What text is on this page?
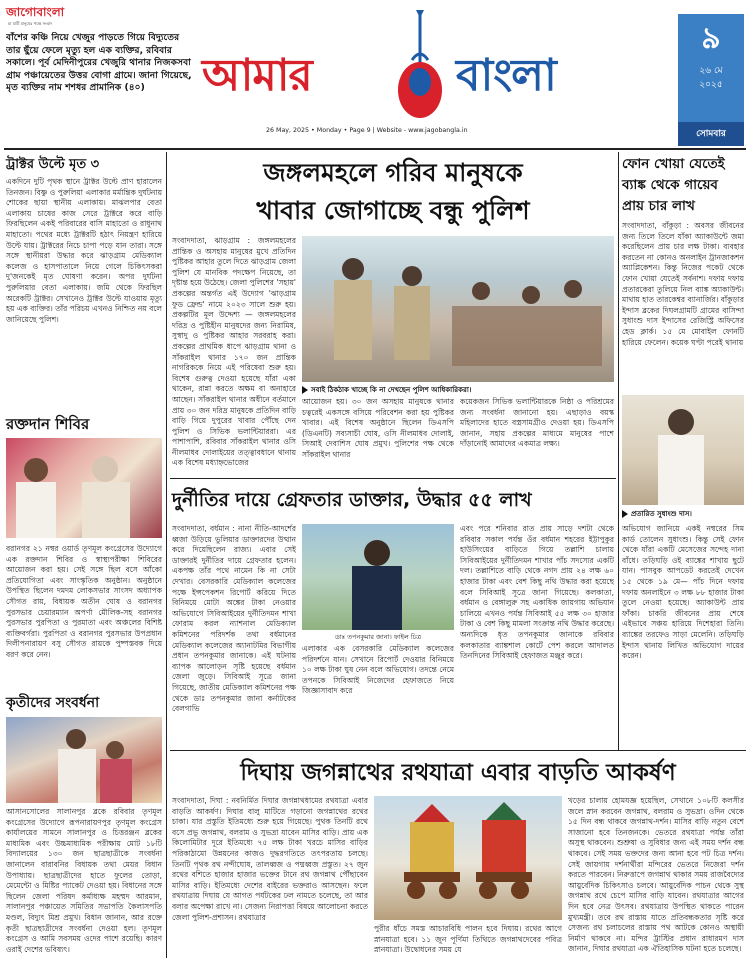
জাগোবাংলা
মা মাটি মানুষের পক্ষে সংবাদ
বাঁশের কঞ্চি নিয়ে খেজুর পাড়তে গিয়ে বিদ্যুতের তার ছুঁয়ে ফেলে মৃত্যু হল এক ব্যক্তির, রবিবার সকালে। পূর্ব মেদিনীপুরের খেজুরি থানার নিজকসবা গ্রাম পঞ্চায়েতের উত্তর বোগা গ্রামে। জানা গিয়েছে, মৃত ব্যক্তির নাম শশধর প্রামানিক (৪০)	আমার	বাংলা
26 May, 2025 • Monday • Page 9 | Website - www.jagobangla.in
৯
২৬ মে
২০২৫
সোমবার
ট্রাক্টর উল্টে মৃত ৩
একদিনে দুটি পৃথক স্থানে ট্রাক্টর উল্টে প্রাণ হারালেন তিনজন। বিষ্ণু ও পুরুলিয়া এলাকার মর্মান্তিক দুর্ঘটনায় শোকের ছায়া স্থানীয় এলাকায়। মাঝলপার বেতা এলাকায় চাষের কাজ সেরে ট্রাক্টরে করে বাড়ি ফিরছিলেন একই পরিবারের বাসি মাহাতো ও রাধুনাথ মাহাতো। পথের মধ্যে ট্রাক্টরটি হঠাৎ নিয়ন্ত্রণ হারিয়ে উল্টে যায়। ট্রাক্টরের নিচে চাপা পড়ে যান তারা। সঙ্গে সঙ্গে স্থানীয়রা উদ্ধার করে ঝাড়গ্রাম মেডিক্যাল কলেজ ও হাসপাতালে নিয়ে গেলে চিকিৎসকরা দু'জনকেই মৃত ঘোষণা করেন। অপর দুর্ঘটনা পুরুলিয়ার বেতা এলাকায়। জমি থেকে ফিরছিল অরেকটি ট্রাক্টর। সেখানেও ট্রাক্টর উল্টে যাওয়ায় মৃত্যু হয় এক ব্যক্তির। তাঁর পরিচয় এখনও নিশ্চিত নয় বলে জানিয়েছে পুলিশ।
রক্তদান শিবির
বরানগর ২১ নম্বর ওয়ার্ড তৃণমূল কংগ্রেসের উদ্যোগে এক রক্তদান শিবির ও স্বাস্থ্যপরীক্ষা শিবিরের আয়োজন করা হয়। সেই সঙ্গে ছিল বসে আঁকো প্রতিযোগিতা এবং সাংস্কৃতিক অনুষ্ঠান। অনুষ্ঠানে উপস্থিত ছিলেন দমদম লোকসভার সাংসদ অধ্যাপক সৌগত রায়, বিধায়ক অতীন ঘোষ ও বরানগর পুরসভার চেয়ারম্যান অপর্ণা মৌলিক-সহ বরানগর পুরসভার পুরপিতা ও পুরমাতা এবং অঞ্চলের বিশিষ্ট ব্যক্তিবর্গরা। পুরপিতা ও বরানগর পুরসভার উপপ্রধান দিলীপনারায়ণ বসু সৌগত রায়কে পুষ্পস্তবক দিয়ে বরণ করে নেন।
কৃতীদের সংবর্ধনা
আসানসোলের সালানপুর ব্লকে রবিবার তৃণমূল কংগ্রেসের উদ্যোগে রূপনারায়ণপুর তৃণমূল কংগ্রেস কার্যালয়ের সামনে সালানপুর ও চিত্তরঞ্জন ব্লকের মাধ্যমিক এবং উচ্চমাধ্যমিক পরীক্ষায় মোট ১৮টি বিদ্যালয়ের ১৩০ জন ছাত্রছাত্রীকে সংবর্ধনা জানালেন বারাবনির বিধায়ক তথা মেয়র বিধান উপাধ্যায়। ছাত্রছাত্রীদের হাতে ফুলের তোড়া, মেমেন্টো ও মিষ্টির প্যাকেট দেওয়া হয়। বিধানের সঙ্গে ছিলেন জেলা পরিষদ কর্মাধ্যক্ষ মহম্মদ আরমান, সালানপুর পঞ্চায়েত সমিতির সভাপতি কৈলাসপতি মণ্ডল, বিদ্যুৎ মিশ্র প্রমুখ। বিধান জানান, আর রক্তে কৃতী ছাত্রছাত্রীদের সংবর্ধনা দেওয়া হল। তৃণমূল কংগ্রেস ও আমি সবসময় ওদের পাশে রয়েছি। কারণ ওরাই দেশের ভবিষ্যৎ।
জঙ্গলমহলে গরিব মানুষকে
খাবার জোগাচ্ছে বন্ধু পুলিশ
সংবাদদাতা, ঝাড়গ্রাম : জঙ্গলমহলের প্রান্তিক ও অসহায় মানুষের মুখে প্রতিদিন পুষ্টিকর আহার তুলে দিতে ঝাড়গ্রাম জেলা পুলিশ যে মানবিক পদক্ষেপ নিয়েছে, তা দৃষ্টান্ত হয়ে উঠেছে। জেলা পুলিশের 'সহায়' প্রকল্পের অন্তর্গত এই উদ্যোগ 'ঝাড়গ্রাম ফুড ফ্রেন্ড' নামে ২০২৩ সালে শুরু হয়। প্রকল্পটির মূল উদ্দেশ্য — জঙ্গলমহলের দরিদ্র ও পুষ্টিহীন মানুষদের জন্য নিরামিষ, সুস্বাদু ও পুষ্টিকর আহার সরবরাহ করা। প্রকল্পের প্রাথমিক ধাপে ঝাড়গ্রাম থানা ও সাঁকরাইল থানার ১৭০ জন প্রান্তিক নাগরিককে নিয়ে এই পরিষেবা শুরু হয়। বিশেষ গুরুত্ব দেওয়া হয়েছে যাঁরা একা থাকেন, রান্না করতে অক্ষম বা অনাহারে আছেন। সাঁকরাইল থানার অধীনে বর্তমানে প্রায় ৩০ জন দরিদ্র মানুষকে প্রতিদিন বাড়ি বাড়ি গিয়ে দুপুরের খাবার পৌঁছে দেন পুলিশ ও সিভিক ভলান্টিয়াররা। এর পাশাপাশি, রবিবার সাঁকরাইল থানার ওসি নীলমাধব দোলাইয়ের তত্ত্বাবধানে থানায় এক বিশেষ মধ্যাহ্নভোজের
সবাই ঠিকঠাক খাচ্ছে কি না দেখছেন পুলিশ আধিকারিকরা।
আয়োজন হয়। ৩০ জন অসহায় মানুষকে থানার চত্বরেই একসঙ্গে বসিয়ে পরিবেশন করা হয় পুষ্টিকর খাবার। এই বিশেষ অনুষ্ঠানে ছিলেন ডিএসপি (ডিএনটি) সব্যসাচী ঘোষ, ওসি নীলমাধব দোলাই, সিআই দেবাশিস ঘোষ প্রমুখ। পুলিশের পক্ষ থেকে সাঁকরাইল থানার
কয়েকজন সিভিক ভলান্টিয়ারকে নিষ্ঠা ও পরিশ্রমের জন্য সংবর্ধনা জানানো হয়। এছাড়াও বয়স্ক মহিলাদের হাতে বস্ত্রসামগ্রীও দেওয়া হয়। ডিএসপি জানান, সহায় প্রকল্পের মাধ্যমে মানুষের পাশে দাঁড়ানোই আমাদের একমাত্র লক্ষ্য।
ফোন খোয়া যেতেই ব্যাঙ্ক থেকে গায়েব প্রায় চার লাখ
সংবাদদাতা, বাঁকুড়া : অবসর জীবনের জন্য তিলে তিলে যাঁকা অ্যাকাউন্টে জমা করেছিলেন প্রায় চার লক্ষ টাকা। ব্যবহার করতেন না কোনও অনলাইন ট্রানজাকশন অ্যাপ্লিকেশন। কিন্তু নিজের পকেট থেকে ফোন খোয়া যেতেই সর্বনাশ। দফায় দফায় প্রতারকেরা তুলিয়ে নিল ব্যাঙ্ক অ্যাকাউন্ট। মাথায় হাত তারকেশ্বর ব্যানার্জির। বাঁকুড়ার ইন্দাস ব্লকের দিঘলগ্রামটি গ্রামের বাসিন্দা সুধাংশু দাস ইন্দাসের রেজিস্ট্রি অফিসের হেড ক্লার্ক। ১৫ মে মোবাইল ফোনটি হারিয়ে ফেলেন। কয়েক ঘণ্টা পরেই থানায়
প্রতারিত সুধাংশু দাস।
অভিযোগ জানিয়ে একই নম্বরের সিম কার্ড তোলেন সুধাংশু। কিন্তু সেই ফোন থেকে যাঁরা একটি মেসেজের সন্দেহ দানা বাঁধে। তড়িঘড়ি ওই ব্যাঙ্কের শাখায় ছুটে যান। পাসবুক আপডেট করতেই দেখেন ১৫ থেকে ১৯ মে— পাঁচ দিনে দফায় দফায় অনলাইনে ৩ লক্ষ ৮৮ হাজার টাকা তুলে নেওয়া হয়েছে। অ্যাকাউন্ট প্রায় ফাঁকা। চাকরি জীবনের প্রায় শেষে এইভাবে সঞ্চয় হারিয়ে দিশেহারা তিনি। ব্যাঙ্কের তরফেও সাড়া মেলেনি। তড়িঘড়ি ইন্দাস থানায় লিখিত অভিযোগ দায়ের করেন।
দুর্নীতির দায়ে গ্রেফতার ডাক্তার, উদ্ধার ৫৫ লাখ
সংবাদদাতা, বর্ধমান : নানা নীতি-আদর্শের ধ্বজা উড়িয়ে ভুলিয়ার ডাক্তারদের উত্থান করে দিয়েছিলেন রাজ্য। এবার সেই ডাক্তারই দুর্নীতির দায়ে গ্রেফতার হলেন। একপক্ষ তাঁর পথে নামেন কি না সেটা দেখার। বেসরকারি মেডিক্যাল কলেজের পক্ষে ইন্সপেকশন রিপোর্ট করিয়ে দিতে বিনিময়ে মোটা অঙ্কের টাকা নেওয়ার অভিযোগে সিবিআইয়ের দুর্নীতিদমন শাখা ফোরাম করল ন্যাশনাল মেডিক্যাল কমিশনের পরিদর্শক তথা বর্ধমানের মেডিক্যাল কলেজের অ্যানাটমির বিভাগীয় প্রধান তপনকুমার জানাকে। এই ঘটনায় ব্যাপক আলোড়ন সৃষ্টি হয়েছে বর্ধমান জেলা জুড়ে। সিবিআই সূত্রে জানা গিয়েছে, জাতীয় মেডিক্যাল কমিশনের পক্ষ থেকে ডাঃ তপনকুমার জানা কর্নাটকের বেলগাভি
ডাঃ তপনকুমার জানা। ফাইল চিত্র
এলাকার এক বেসরকারি মেডিক্যাল কলেজের পরিদর্শনে যান। সেখানে রিপোর্ট দেওয়ার বিনিময়ে ১০ লক্ষ টাকা ঘুষ নেন বলে অভিযোগ। তদন্তে নেমে তপনকে সিবিআই নিজেদের হেফাজতে নিয়ে জিজ্ঞাসাবাদ করে
এবং পরে শনিবার রাত প্রায় সাড়ে দশটা থেকে রবিবার সকাল পর্যন্ত ওঁর বর্ধমান শহরের ইট্টাপুকুর হাউসিংয়ের বাড়িতে গিয়ে তল্লাশি চালায় সিবিআইয়ের দুর্নীতিদমন শাখার পাঁচ সদস্যের একটি দল। তল্লাশিতে বাড়ি থেকে নগদ প্রায় ২৪ লক্ষ ৬০ হাজার টাকা এবং বেশ কিছু নথি উদ্ধার করা হয়েছে বলে সিবিআই সূত্রে জানা গিয়েছে। কলকাতা, বর্ধমান ও বেঙ্গালুরু সহ একাধিক জায়গায় অভিযান চালিয়ে এখনও পর্যন্ত সিবিআই ৫৫ লক্ষ ৩০ হাজার টাকা ও বেশ কিছু মামলা সংক্রান্ত নথি উদ্ধার করেছে। অন্যদিকে ধৃত তপনকুমার জানাকে রবিবার কলকাতার ব্যাঙ্কশাল কোর্টে পেশ করলে আদালত তিনদিনের সিবিআই হেফাজত মঞ্জুর করে।
দিঘায় জগন্নাথের রথযাত্রা এবার বাড়তি আকর্ষণ
সংবাদদাতা, দিঘা : নবনির্মিত দিঘার জগন্নাথধামের রথযাত্রা এবার বাড়তি আকর্ষণ। দিঘার বালু মাটিতে গড়ানো জগন্নাথের রথের চাকা। যার প্রস্তুতি ইতিমধ্যে শুরু হয়ে গিয়েছে। পুথক তিনটি রথে বসে প্রভু জগন্নাথ, বলরাম ও সুভদ্রা যাবেন মাসির বাড়ি। প্রায় এক কিলোমিটার দূরে ইতিমধ্যে ৭৫ লক্ষ টাকা খরচে মাসির বাড়ির পরিকাঠামো উন্নয়নের কাজও দুদ্ধরগতিতে তৎপরতায় চলছে। তিনটি পৃথক রথ নন্দীঘোষ, তালধ্বজ ও পদ্মধ্বজ প্রস্তুত। ২৭ জুন রথের বশিতে হাজার হাজার ভক্তের টানে রথ জগন্নাথ পৌঁছাবেন মাসির বাড়ি। ইতিমধ্যে দেশের বাইরের ভক্তরাও আসছেন। ফলে রথযাত্রায় দিঘায় যে আগত পর্যটকের ঢল নামতে চলেছে, তা আর বলার অপেক্ষা রাখে না। সেজন্য নিরাপত্তা বিষয়ে আলোচনা করতে জেলা পুলিশ-প্রশাসন। রথযাত্রার
পুরীর ধাঁচে সমস্ত আচারবিধি পালন হবে দিঘায়। রথের আগে স্নানযাত্রা হবে। ১১ জুন পূর্ণিমা তিথিতে জগন্নাথদেবের পবিত্র স্নানযাত্রা। উদ্বোধনের সময় যে
খড়ের চালায় হোমযজ্ঞ হয়েছিল, সেখানে ১০৮টি কলসীর জলে স্নান করবেন জগন্নাথ, বলরাম ও সুভদ্রা। ওদিন থেকে ১৫ দিন বন্ধ থাকবে জগন্নাথ-দর্শন। মাসির বাড়ি নতুন বেশে সাজানো হবে তিনজনকে। ভেতরে রথযাত্রা পর্যন্ত তাঁরা অসুস্থ থাকবেন। শুশ্রুষা ও সুবিধার জন্য এই সময় দর্শন বন্ধ থাকবে। সেই সময় ভক্তদের জন্য আনা হবে পট চিত্র দর্শন। সেই জায়গায় দর্শনার্থীরা মন্দিরের ভেতরে নিজেরা দর্শন করতে পারবেন। নিরুত্তাপে জগন্নাথ থাকার সময় রাজবৈদ্যের আয়ুর্বেদিক চিকিৎসাও চলবে। আয়ুর্বেদিক পাচন থেকে সুস্থ জগন্নাথ রথে চেপে মাসির বাড়ি যাবেন। রথযাত্রার আগের দিন হবে নেত্র উৎসব। রথযাত্রায় উপস্থিত থাকতে পারেন মুখ্যমন্ত্রী। তবে রথ রাস্তায় যাতে প্রতিবন্ধকতার সৃষ্টি করে সেজন্য রথ চলাচলের রাস্তায় পথ আটকে কোনও অস্থায়ী নির্মাণ থাকবে না। মন্দির ট্রাস্টির প্রধান রাধারমণ দাস জানান, দিঘার রথযাত্রা এক ঐতিহাসিক ঘটনা হতে চলেছে।
